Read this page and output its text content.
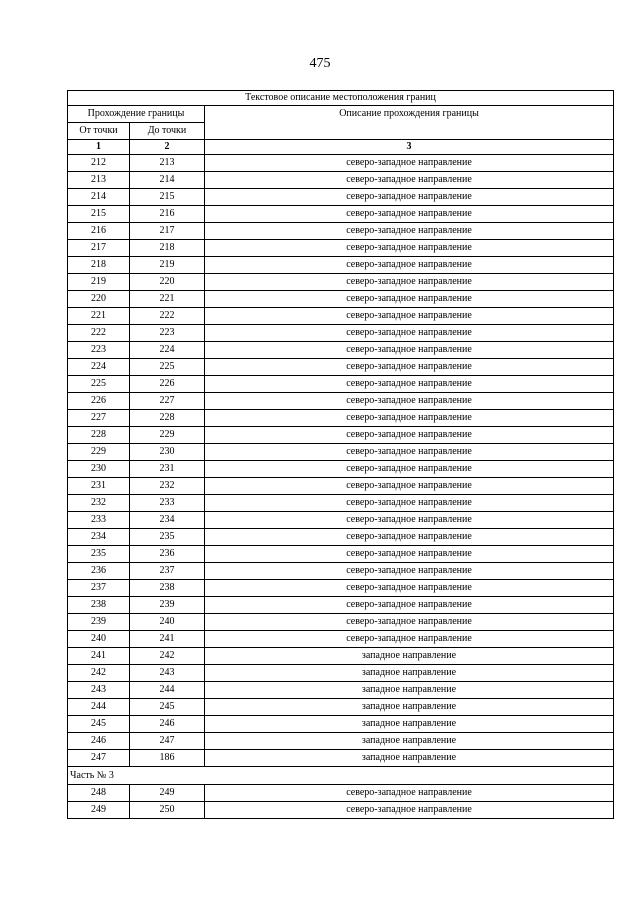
475
Текстовое описание местоположения границ		
Прохождение границы		Описание прохождения границы
От точки	До точки	
1	2	3
212	213	северо-западное направление
213	214	северо-западное направление
214	215	северо-западное направление
215	216	северо-западное направление
216	217	северо-западное направление
217	218	северо-западное направление
218	219	северо-западное направление
219	220	северо-западное направление
220	221	северо-западное направление
221	222	северо-западное направление
222	223	северо-западное направление
223	224	северо-западное направление
224	225	северо-западное направление
225	226	северо-западное направление
226	227	северо-западное направление
227	228	северо-западное направление
228	229	северо-западное направление
229	230	северо-западное направление
230	231	северо-западное направление
231	232	северо-западное направление
232	233	северо-западное направление
233	234	северо-западное направление
234	235	северо-западное направление
235	236	северо-западное направление
236	237	северо-западное направление
237	238	северо-западное направление
238	239	северо-западное направление
239	240	северо-западное направление
240	241	северо-западное направление
241	242	западное направление
242	243	западное направление
243	244	западное направление
244	245	западное направление
245	246	западное направление
246	247	западное направление
247	186	западное направление
Часть № 3		
248	249	северо-западное направление
249	250	северо-западное направление
